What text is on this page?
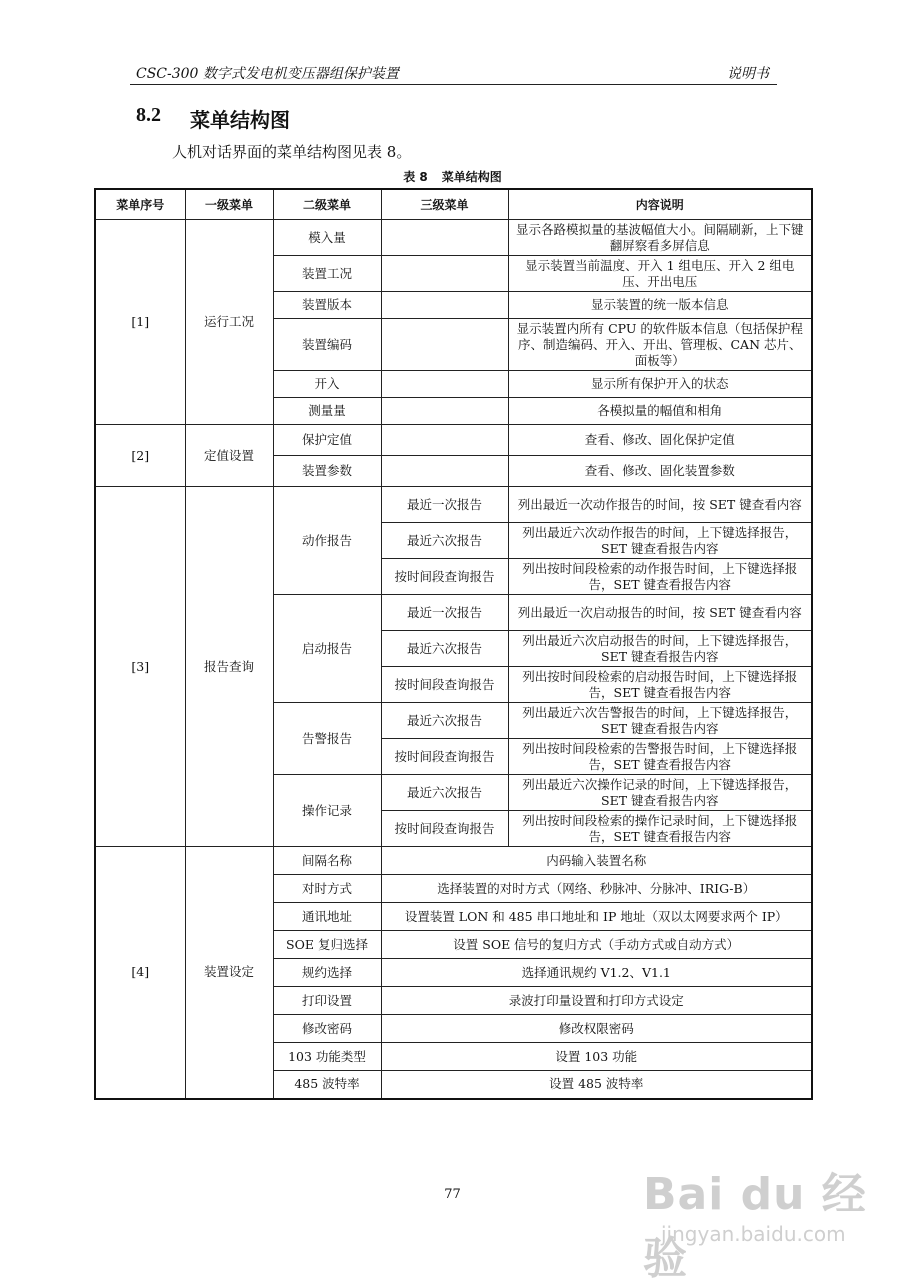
CSC-300 数字式发电机变压器组保护装置	说明书
8.2 菜单结构图
人机对话界面的菜单结构图见表 8。
表 8 菜单结构图
菜单序号	一级菜单	二级菜单	三级菜单	内容说明
[1]	运行工况	模入量		显示各路模拟量的基波幅值大小。间隔刷新，上下键翻屏察看多屏信息
		装置工况		显示装置当前温度、开入 1 组电压、开入 2 组电压、开出电压
		装置版本		显示装置的统一版本信息
		装置编码		显示装置内所有 CPU 的软件版本信息（包括保护程序、制造编码、开入、开出、管理板、CAN 芯片、面板等）
		开入		显示所有保护开入的状态
		测量量		各模拟量的幅值和相角
[2]	定值设置	保护定值		查看、修改、固化保护定值
		装置参数		查看、修改、固化装置参数
[3]	报告查询	动作报告	最近一次报告	列出最近一次动作报告的时间，按 SET 键查看内容
			最近六次报告	列出最近六次动作报告的时间，上下键选择报告，SET 键查看报告内容
			按时间段查询报告	列出按时间段检索的动作报告时间，上下键选择报告，SET 键查看报告内容
		启动报告	最近一次报告	列出最近一次启动报告的时间，按 SET 键查看内容
			最近六次报告	列出最近六次启动报告的时间，上下键选择报告，SET 键查看报告内容
			按时间段查询报告	列出按时间段检索的启动报告时间，上下键选择报告，SET 键查看报告内容
		告警报告	最近六次报告	列出最近六次告警报告的时间，上下键选择报告，SET 键查看报告内容
			按时间段查询报告	列出按时间段检索的告警报告时间，上下键选择报告，SET 键查看报告内容
		操作记录	最近六次报告	列出最近六次操作记录的时间，上下键选择报告，SET 键查看报告内容
			按时间段查询报告	列出按时间段检索的操作记录时间，上下键选择报告，SET 键查看报告内容
[4]	装置设定	间隔名称	内码输入装置名称	
		对时方式	选择装置的对时方式（网络、秒脉冲、分脉冲、IRIG-B）	
		通讯地址	设置装置 LON 和 485 串口地址和 IP 地址（双以太网要求两个 IP）	
		SOE 复归选择	设置 SOE 信号的复归方式（手动方式或自动方式）	
		规约选择	选择通讯规约 V1.2、V1.1	
		打印设置	录波打印量设置和打印方式设定	
		修改密码	修改权限密码	
		103 功能类型	设置 103 功能	
		485 波特率	设置 485 波特率	
77	Bai du 经验
jingyan.baidu.com
